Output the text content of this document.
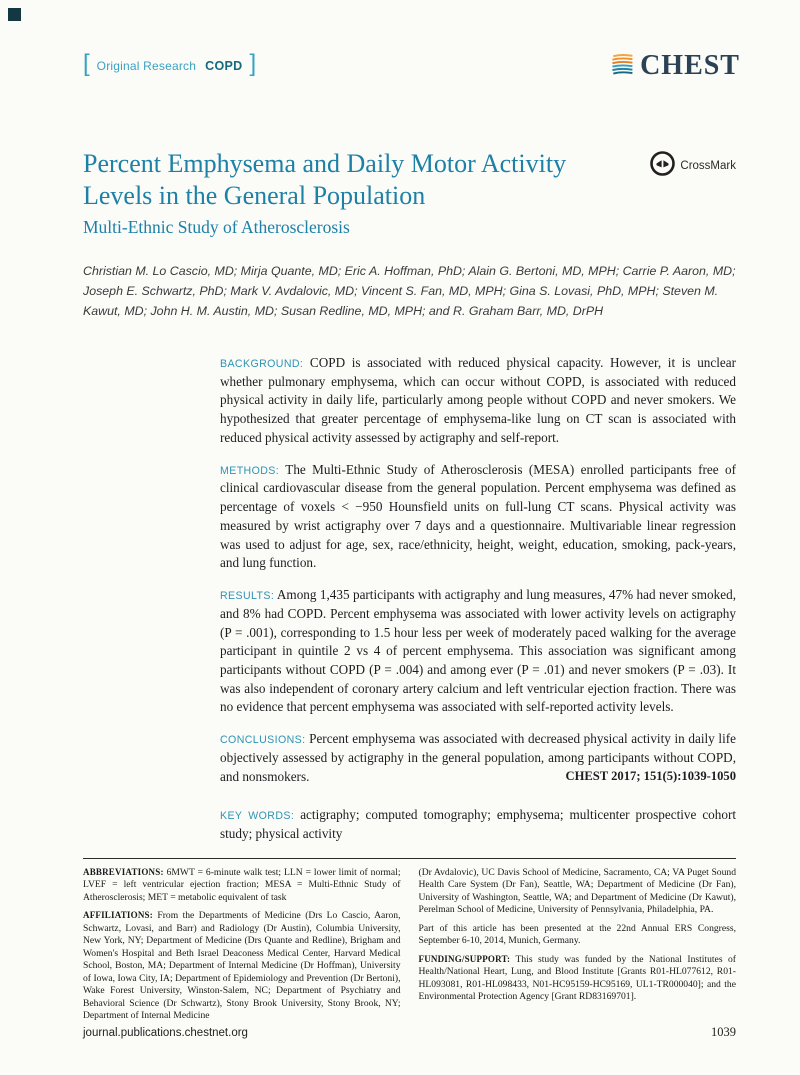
[ Original Research COPD ]	CHEST
Percent Emphysema and Daily Motor Activity Levels in the General Population
Multi-Ethnic Study of Atherosclerosis
CrossMark

Christian M. Lo Cascio, MD; Mirja Quante, MD; Eric A. Hoffman, PhD; Alain G. Bertoni, MD, MPH; Carrie P. Aaron, MD; Joseph E. Schwartz, PhD; Mark V. Avdalovic, MD; Vincent S. Fan, MD, MPH; Gina S. Lovasi, PhD, MPH; Steven M. Kawut, MD; John H. M. Austin, MD; Susan Redline, MD, MPH; and R. Graham Barr, MD, DrPH

BACKGROUND: COPD is associated with reduced physical capacity. However, it is unclear whether pulmonary emphysema, which can occur without COPD, is associated with reduced physical activity in daily life, particularly among people without COPD and never smokers. We hypothesized that greater percentage of emphysema-like lung on CT scan is associated with reduced physical activity assessed by actigraphy and self-report.

METHODS: The Multi-Ethnic Study of Atherosclerosis (MESA) enrolled participants free of clinical cardiovascular disease from the general population. Percent emphysema was defined as percentage of voxels < −950 Hounsfield units on full-lung CT scans. Physical activity was measured by wrist actigraphy over 7 days and a questionnaire. Multivariable linear regression was used to adjust for age, sex, race/ethnicity, height, weight, education, smoking, pack-years, and lung function.

RESULTS: Among 1,435 participants with actigraphy and lung measures, 47% had never smoked, and 8% had COPD. Percent emphysema was associated with lower activity levels on actigraphy (P = .001), corresponding to 1.5 hour less per week of moderately paced walking for the average participant in quintile 2 vs 4 of percent emphysema. This association was significant among participants without COPD (P = .004) and among ever (P = .01) and never smokers (P = .03). It was also independent of coronary artery calcium and left ventricular ejection fraction. There was no evidence that percent emphysema was associated with self-reported activity levels.

CONCLUSIONS: Percent emphysema was associated with decreased physical activity in daily life objectively assessed by actigraphy in the general population, among participants without COPD, and nonsmokers.	CHEST 2017; 151(5):1039-1050

KEY WORDS: actigraphy; computed tomography; emphysema; multicenter prospective cohort study; physical activity

ABBREVIATIONS: 6MWT = 6-minute walk test; LLN = lower limit of normal; LVEF = left ventricular ejection fraction; MESA = Multi-Ethnic Study of Atherosclerosis; MET = metabolic equivalent of task

AFFILIATIONS: From the Departments of Medicine (Drs Lo Cascio, Aaron, Schwartz, Lovasi, and Barr) and Radiology (Dr Austin), Columbia University, New York, NY; Department of Medicine (Drs Quante and Redline), Brigham and Women's Hospital and Beth Israel Deaconess Medical Center, Harvard Medical School, Boston, MA; Department of Internal Medicine (Dr Hoffman), University of Iowa, Iowa City, IA; Department of Epidemiology and Prevention (Dr Bertoni), Wake Forest University, Winston-Salem, NC; Department of Psychiatry and Behavioral Science (Dr Schwartz), Stony Brook University, Stony Brook, NY; Department of Internal Medicine

(Dr Avdalovic), UC Davis School of Medicine, Sacramento, CA; VA Puget Sound Health Care System (Dr Fan), Seattle, WA; Department of Medicine (Dr Fan), University of Washington, Seattle, WA; and Department of Medicine (Dr Kawut), Perelman School of Medicine, University of Pennsylvania, Philadelphia, PA.

Part of this article has been presented at the 22nd Annual ERS Congress, September 6-10, 2014, Munich, Germany.

FUNDING/SUPPORT: This study was funded by the National Institutes of Health/National Heart, Lung, and Blood Institute [Grants R01-HL077612, R01-HL093081, R01-HL098433, N01-HC95159-HC95169, UL1-TR000040]; and the Environmental Protection Agency [Grant RD83169701].

journal.publications.chestnet.org	1039
